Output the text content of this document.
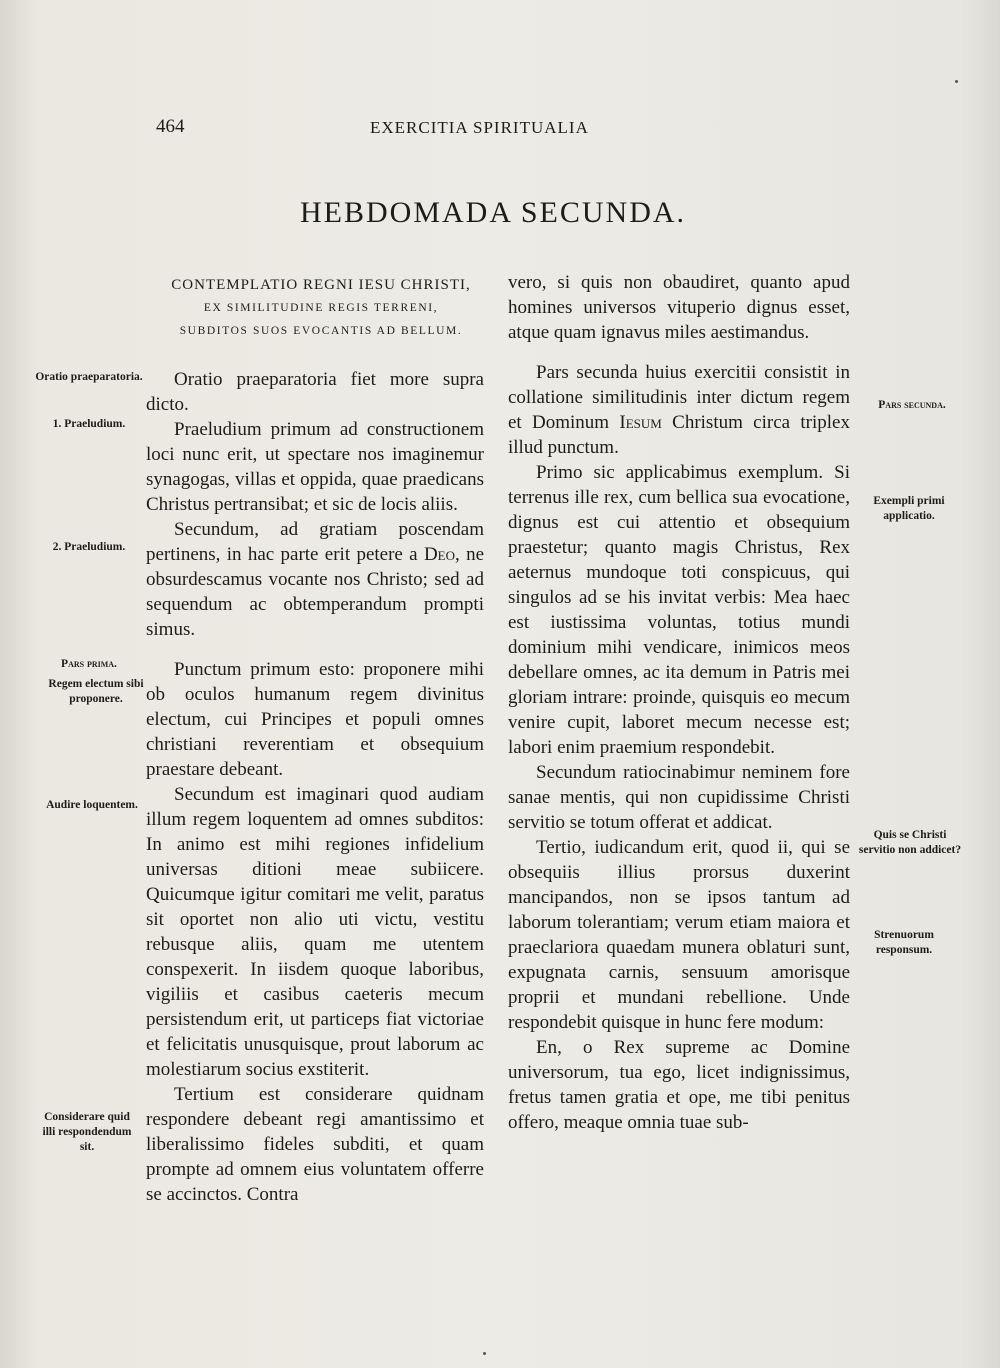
464	EXERCITIA SPIRITUALIA
HEBDOMADA SECUNDA.
CONTEMPLATIO REGNI IESU CHRISTI,
EX SIMILITUDINE REGIS TERRENI,
SUBDITOS SUOS EVOCANTIS AD BELLUM.

Oratio praeparatoria fiet more supra dicto.

Praeludium primum ad constructionem loci nunc erit, ut spectare nos imaginemur synagogas, villas et oppida, quae praedicans Christus pertransibat; et sic de locis aliis.

Secundum, ad gratiam poscendam pertinens, in hac parte erit petere a Deo, ne obsurdescamus vocante nos Christo; sed ad sequendum ac obtemperandum prompti simus.

Punctum primum esto: proponere mihi ob oculos humanum regem divinitus electum, cui Principes et populi omnes christiani reverentiam et obsequium praestare debeant.

Secundum est imaginari quod audiam illum regem loquentem ad omnes subditos: In animo est mihi regiones infidelium universas ditioni meae subiicere. Quicumque igitur comitari me velit, paratus sit oportet non alio uti victu, vestitu rebusque aliis, quam me utentem conspexerit. In iisdem quoque laboribus, vigiliis et casibus caeteris mecum persistendum erit, ut particeps fiat victoriae et felicitatis unusquisque, prout laborum ac molestiarum socius exstiterit.

Tertium est considerare quidnam respondere debeant regi amantissimo et liberalissimo fideles subditi, et quam prompte ad omnem eius voluntatem offerre se accinctos. Contra

vero, si quis non obaudiret, quanto apud homines universos vituperio dignus esset, atque quam ignavus miles aestimandus.

Pars secunda huius exercitii consistit in collatione similitudinis inter dictum regem et Dominum Iesum Christum circa triplex illud punctum.

Primo sic applicabimus exemplum. Si terrenus ille rex, cum bellica sua evocatione, dignus est cui attentio et obsequium praestetur; quanto magis Christus, Rex aeternus mundoque toti conspicuus, qui singulos ad se his invitat verbis: Mea haec est iustissima voluntas, totius mundi dominium mihi vendicare, inimicos meos debellare omnes, ac ita demum in Patris mei gloriam intrare: proinde, quisquis eo mecum venire cupit, laboret mecum necesse est; labori enim praemium respondebit.

Secundum ratiocinabimur neminem fore sanae mentis, qui non cupidissime Christi servitio se totum offerat et addicat.

Tertio, iudicandum erit, quod ii, qui se obsequiis illius prorsus duxerint mancipandos, non se ipsos tantum ad laborum tolerantiam; verum etiam maiora et praeclariora quaedam munera oblaturi sunt, expugnata carnis, sensuum amorisque proprii et mundani rebellione. Unde respondebit quisque in hunc fere modum:

En, o Rex supreme ac Domine universorum, tua ego, licet indignissimus, fretus tamen gratia et ope, me tibi penitus offero, meaque omnia tuae sub-

Oratio praeparatoria.
1. Praeludium.
2. Praeludium.
Pars prima.
Regem electum sibi proponere.
Audire loquentem.
Considerare quid illi respondendum sit.
Pars secunda.
Exempli primi applicatio.
Quis se Christi servitio non addicet?
Strenuorum responsum.
